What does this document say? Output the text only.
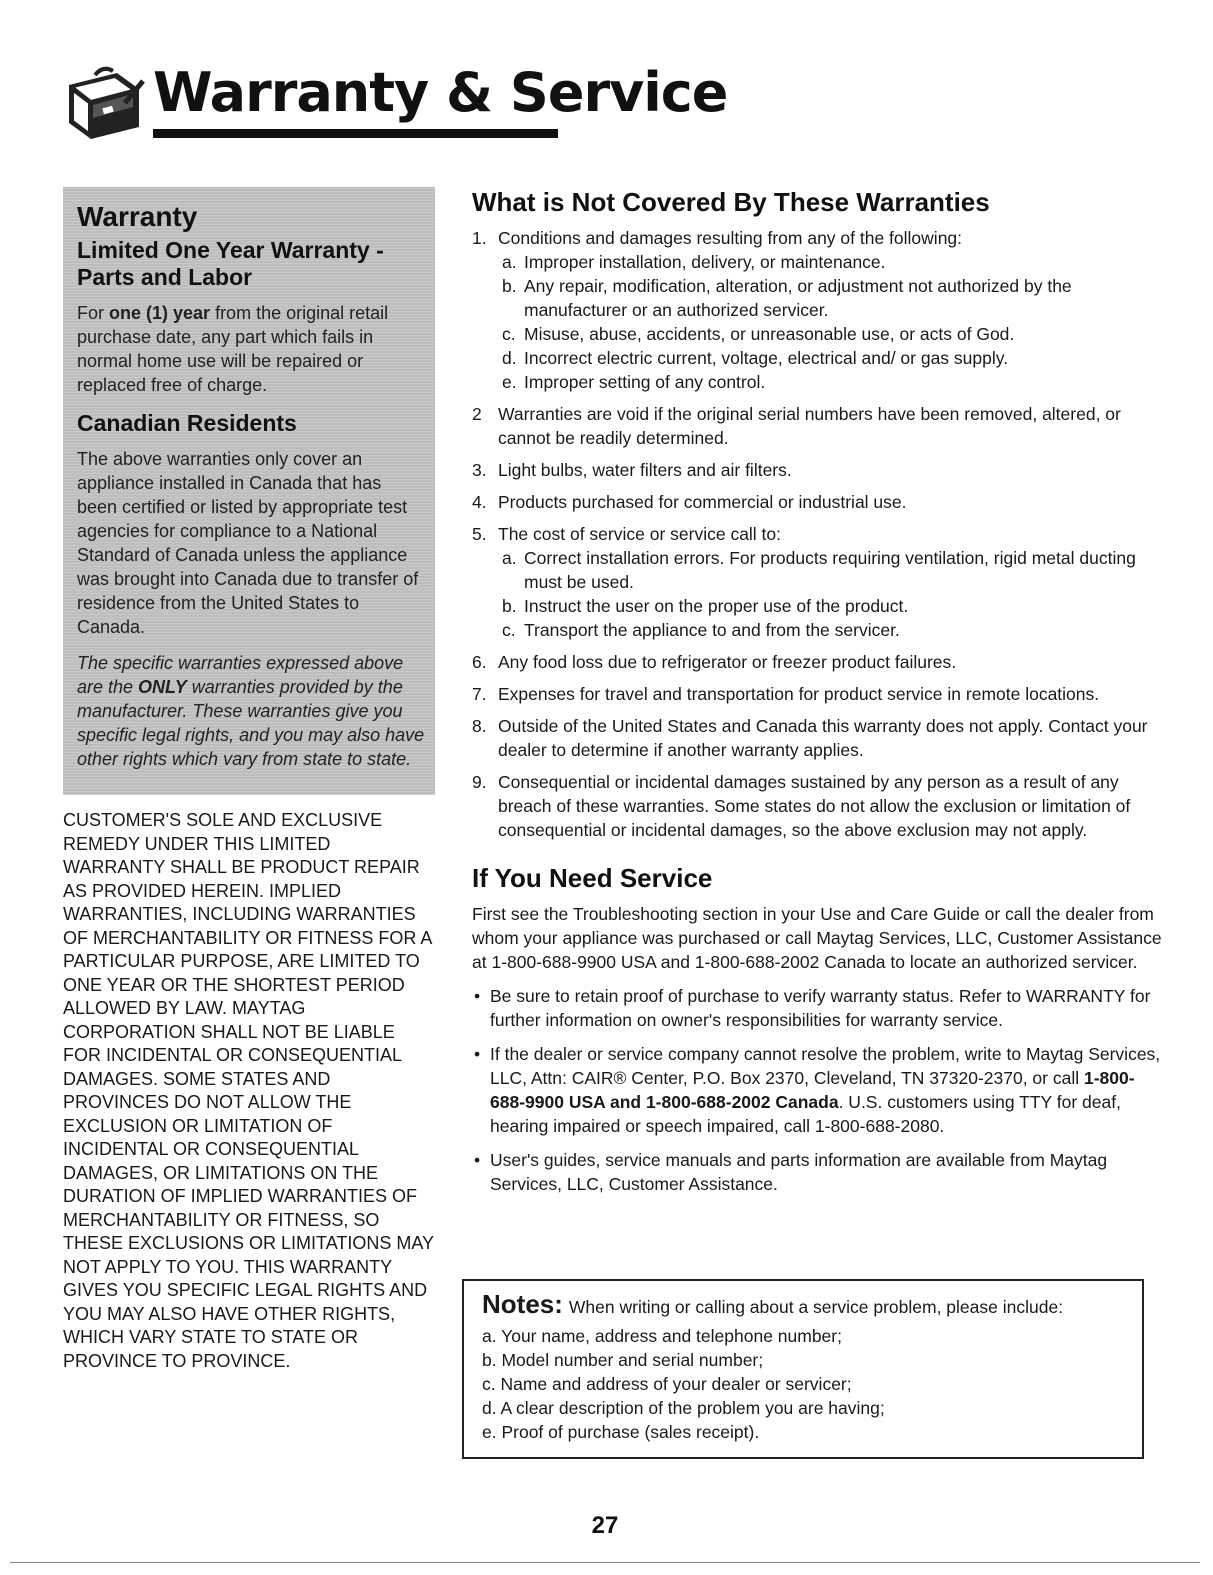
Warranty & Service

Warranty

Limited One Year Warranty - Parts and Labor

For one (1) year from the original retail purchase date, any part which fails in normal home use will be repaired or replaced free of charge.

Canadian Residents

The above warranties only cover an appliance installed in Canada that has been certified or listed by appropriate test agencies for compliance to a National Standard of Canada unless the appliance was brought into Canada due to transfer of residence from the United States to Canada.

The specific warranties expressed above are the ONLY warranties provided by the manufacturer. These warranties give you specific legal rights, and you may also have other rights which vary from state to state.

CUSTOMER'S SOLE AND EXCLUSIVE REMEDY UNDER THIS LIMITED WARRANTY SHALL BE PRODUCT REPAIR AS PROVIDED HEREIN. IMPLIED WARRANTIES, INCLUDING WARRANTIES OF MERCHANTABILITY OR FITNESS FOR A PARTICULAR PURPOSE, ARE LIMITED TO ONE YEAR OR THE SHORTEST PERIOD ALLOWED BY LAW. MAYTAG CORPORATION SHALL NOT BE LIABLE FOR INCIDENTAL OR CONSEQUENTIAL DAMAGES. SOME STATES AND PROVINCES DO NOT ALLOW THE EXCLUSION OR LIMITATION OF INCIDENTAL OR CONSEQUENTIAL DAMAGES, OR LIMITATIONS ON THE DURATION OF IMPLIED WARRANTIES OF MERCHANTABILITY OR FITNESS, SO THESE EXCLUSIONS OR LIMITATIONS MAY NOT APPLY TO YOU. THIS WARRANTY GIVES YOU SPECIFIC LEGAL RIGHTS AND YOU MAY ALSO HAVE OTHER RIGHTS, WHICH VARY STATE TO STATE OR PROVINCE TO PROVINCE.

What is Not Covered By These Warranties
1. Conditions and damages resulting from any of the following:
a. Improper installation, delivery, or maintenance.
b. Any repair, modification, alteration, or adjustment not authorized by the manufacturer or an authorized servicer.
c. Misuse, abuse, accidents, or unreasonable use, or acts of God.
d. Incorrect electric current, voltage, electrical and/ or gas supply.
e. Improper setting of any control.
2 Warranties are void if the original serial numbers have been removed, altered, or cannot be readily determined.
3. Light bulbs, water filters and air filters.
4. Products purchased for commercial or industrial use.
5. The cost of service or service call to:
a. Correct installation errors. For products requiring ventilation, rigid metal ducting must be used.
b. Instruct the user on the proper use of the product.
c. Transport the appliance to and from the servicer.
6. Any food loss due to refrigerator or freezer product failures.
7. Expenses for travel and transportation for product service in remote locations.
8. Outside of the United States and Canada this warranty does not apply. Contact your dealer to determine if another warranty applies.
9. Consequential or incidental damages sustained by any person as a result of any breach of these warranties. Some states do not allow the exclusion or limitation of consequential or incidental damages, so the above exclusion may not apply.
If You Need Service

First see the Troubleshooting section in your Use and Care Guide or call the dealer from whom your appliance was purchased or call Maytag Services, LLC, Customer Assistance at 1-800-688-9900 USA and 1-800-688-2002 Canada to locate an authorized servicer.

• Be sure to retain proof of purchase to verify warranty status. Refer to WARRANTY for further information on owner's responsibilities for warranty service.
• If the dealer or service company cannot resolve the problem, write to Maytag Services, LLC, Attn: CAIR® Center, P.O. Box 2370, Cleveland, TN 37320-2370, or call 1-800-688-9900 USA and 1-800-688-2002 Canada. U.S. customers using TTY for deaf, hearing impaired or speech impaired, call 1-800-688-2080.
• User's guides, service manuals and parts information are available from Maytag Services, LLC, Customer Assistance.

Notes: When writing or calling about a service problem, please include:

a. Your name, address and telephone number;
b. Model number and serial number;
c. Name and address of your dealer or servicer;
d. A clear description of the problem you are having;
e. Proof of purchase (sales receipt).
27
